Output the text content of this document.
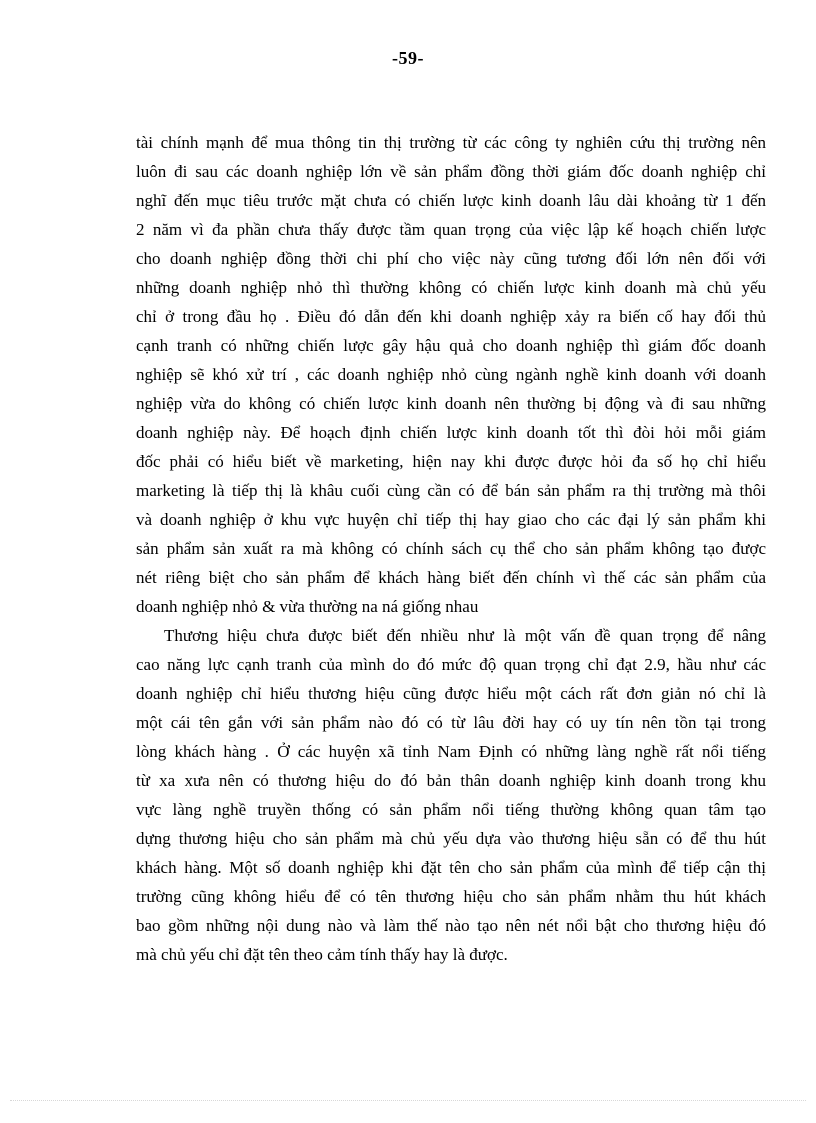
-59-
tài chính mạnh để mua thông tin thị trường từ các công ty nghiên cứu thị trường nên
luôn đi sau các doanh nghiệp lớn về sản phẩm đồng thời giám đốc doanh nghiệp chỉ
nghĩ đến mục tiêu trước mặt chưa có chiến lược kinh doanh lâu dài khoảng từ 1 đến
2 năm vì đa phần chưa thấy được tầm quan trọng của việc lập kế hoạch chiến lược
cho doanh nghiệp đồng thời chi phí cho việc này cũng tương đối lớn nên đối với
những doanh nghiệp nhỏ thì thường không có chiến lược kinh doanh mà chủ yếu
chỉ ở trong đầu họ . Điều đó dẫn đến khi doanh nghiệp xảy ra biến cố hay đối thủ
cạnh tranh có những chiến lược gây hậu quả cho doanh nghiệp thì giám đốc doanh
nghiệp sẽ khó xử trí , các doanh nghiệp nhỏ cùng ngành nghề kinh doanh với doanh
nghiệp vừa do không có chiến lược kinh doanh nên thường bị động và đi sau những
doanh nghiệp này. Để hoạch định chiến lược kinh doanh tốt thì đòi hỏi mỗi giám
đốc phải có hiểu biết về marketing, hiện nay khi được được hỏi đa số họ chỉ hiểu
marketing là tiếp thị là khâu cuối cùng cần có để bán sản phẩm ra thị trường mà thôi
và doanh nghiệp ở khu vực huyện chỉ tiếp thị hay giao cho các đại lý sản phẩm khi
sản phẩm sản xuất ra mà không có chính sách cụ thể cho sản phẩm không tạo được
nét riêng biệt cho sản phẩm để khách hàng biết đến chính vì thế các sản phẩm của
doanh nghiệp nhỏ & vừa thường na ná giống nhau
Thương hiệu chưa được biết đến nhiều như là một vấn đề quan trọng để nâng
cao năng lực cạnh tranh của mình do đó mức độ quan trọng chỉ đạt 2.9, hầu như các
doanh nghiệp chỉ hiểu thương hiệu cũng được hiểu một cách rất đơn giản nó chỉ là
một cái tên gắn với sản phẩm nào đó có từ lâu đời hay có uy tín nên tồn tại trong
lòng khách hàng . Ở các huyện xã tỉnh Nam Định có những làng nghề rất nổi tiếng
từ xa xưa nên có thương hiệu do đó bản thân doanh nghiệp kinh doanh trong khu
vực làng nghề truyền thống có sản phẩm nổi tiếng thường không quan tâm tạo
dựng thương hiệu cho sản phẩm mà chủ yếu dựa vào thương hiệu sẵn có để thu hút
khách hàng. Một số doanh nghiệp khi đặt tên cho sản phẩm của mình để tiếp cận thị
trường cũng không hiểu để có tên thương hiệu cho sản phẩm nhằm thu hút khách
bao gồm những nội dung nào và làm thế nào tạo nên nét nổi bật cho thương hiệu đó
mà chủ yếu chỉ đặt tên theo cảm tính thấy hay là được.
